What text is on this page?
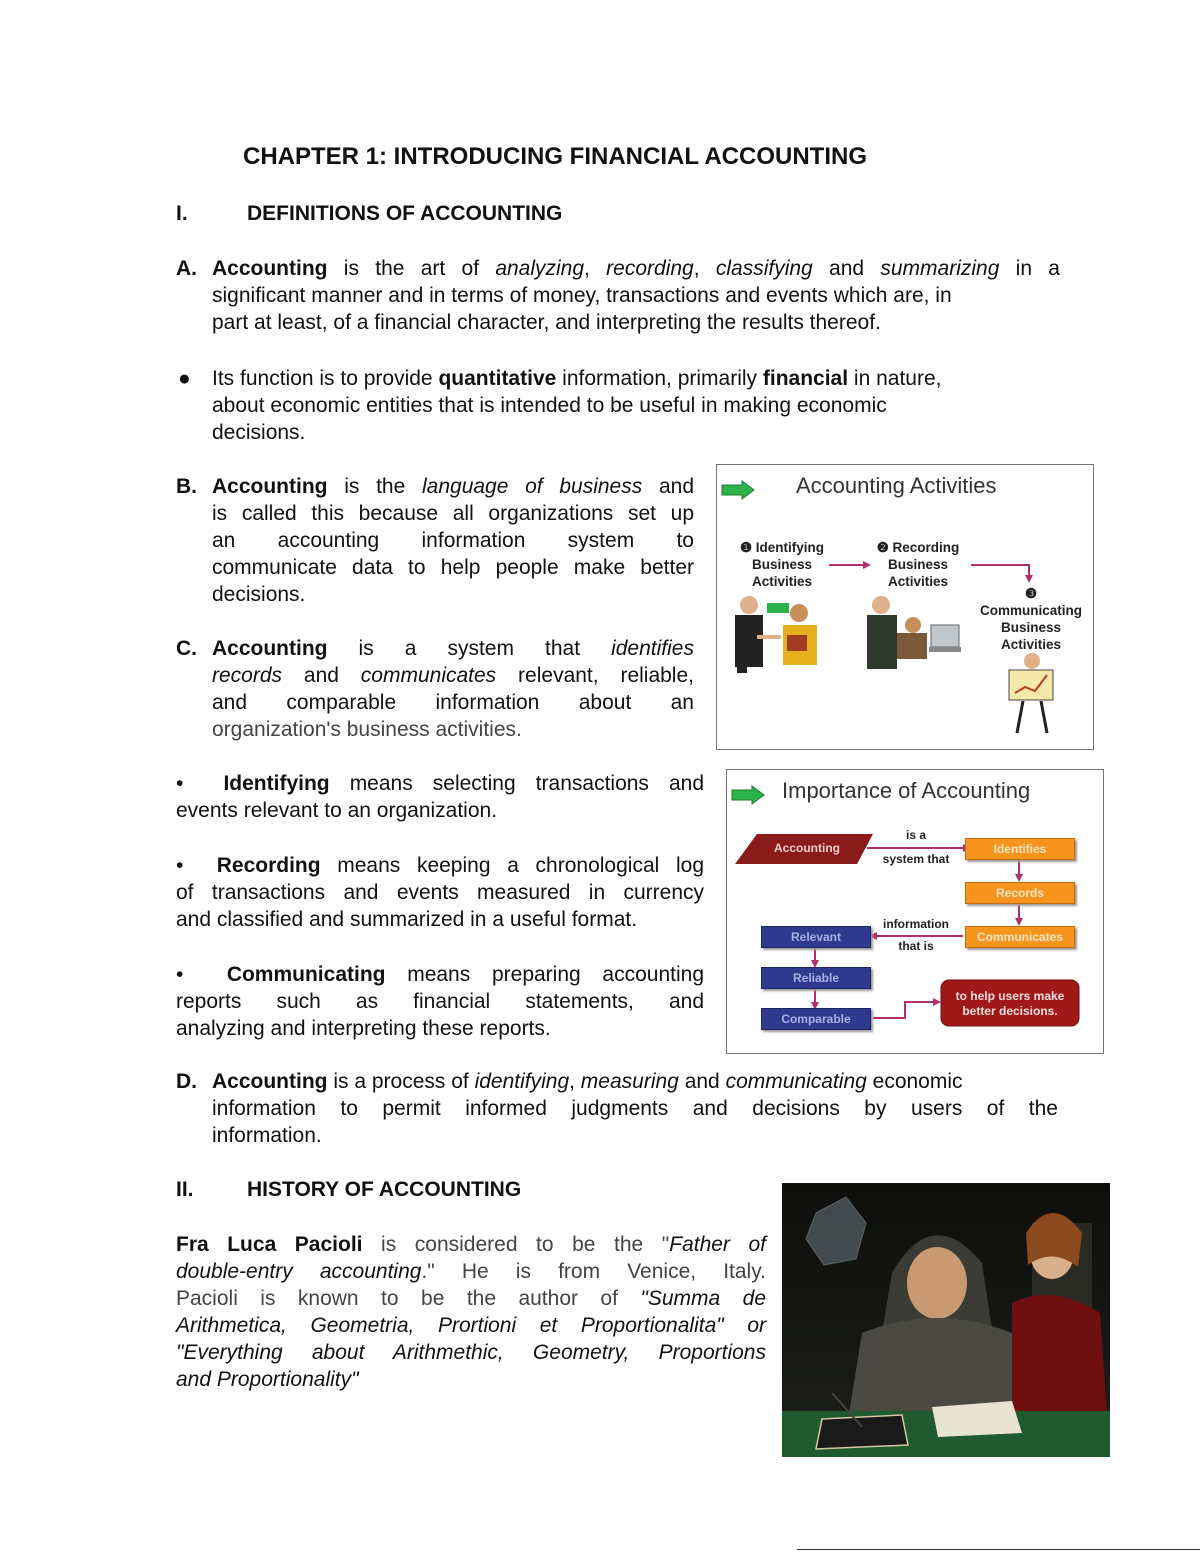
CHAPTER 1: INTRODUCING FINANCIAL ACCOUNTING
I.	DEFINITIONS OF ACCOUNTING
A. Accounting is the art of analyzing, recording, classifying and summarizing in a
significant manner and in terms of money, transactions and events which are, in
part at least, of a financial character, and interpreting the results thereof.
● Its function is to provide quantitative information, primarily financial in nature,
about economic entities that is intended to be useful in making economic
decisions.
B. Accounting is the language of business and
is called this because all organizations set up
an accounting information system to
communicate data to help people make better
decisions.
C. Accounting is a system that identifies
records and communicates relevant, reliable,
and comparable information about an
organization's business activities.
• Identifying means selecting transactions and
events relevant to an organization.
• Recording means keeping a chronological log
of transactions and events measured in currency
and classified and summarized in a useful format.
• Communicating means preparing accounting
reports such as financial statements, and
analyzing and interpreting these reports.
D. Accounting is a process of identifying, measuring and communicating economic
information to permit informed judgments and decisions by users of the
information.
II.	HISTORY OF ACCOUNTING
Fra Luca Pacioli is considered to be the "Father of
double-entry accounting." He is from Venice, Italy.
Pacioli is known to be the author of "Summa de
Arithmetica, Geometria, Prortioni et Proportionalita" or
"Everything about Arithmethic, Geometry, Proportions
and Proportionality"
Accounting Activities
❶ Identifying
Business
Activities
❷ Recording
Business
Activities
❸
Communicating
Business
Activities
Importance of Accounting
Accounting
is a
system that
Identifies
Records
Communicates
information
that is
Relevant
Reliable
Comparable
to help users make
better decisions.
